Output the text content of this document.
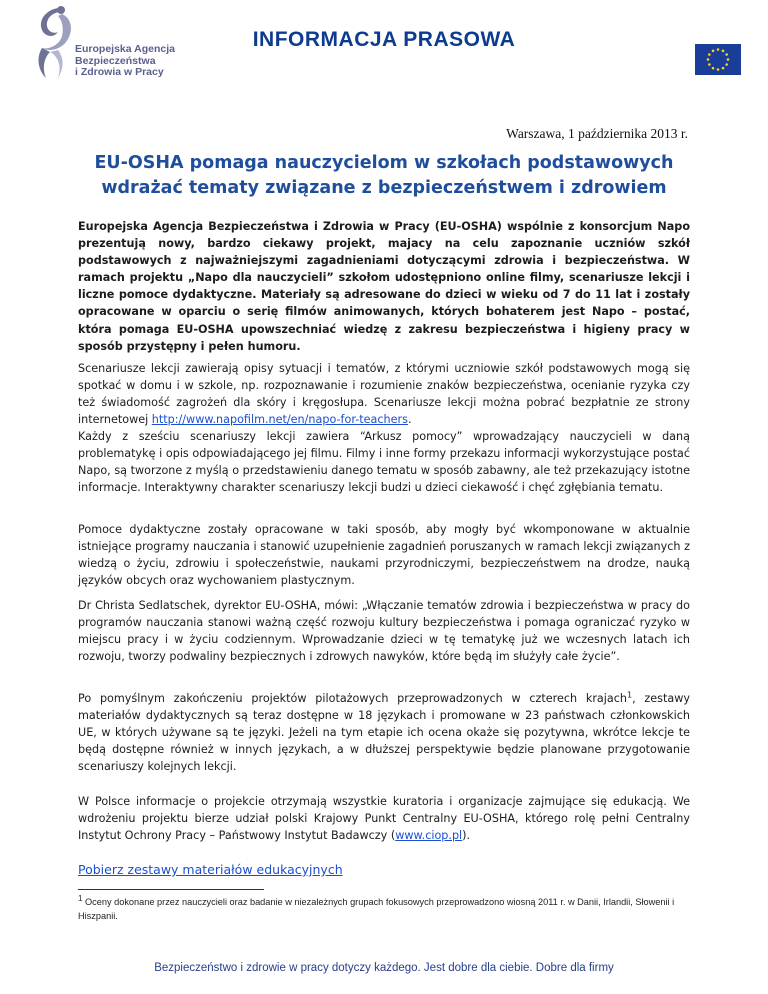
Europejska Agencja
Bezpieczeństwa
i Zdrowia w Pracy
INFORMACJA PRASOWA
Warszawa, 1 października 2013 r.
EU-OSHA pomaga nauczycielom w szkołach podstawowych
wdrażać tematy związane z bezpieczeństwem i zdrowiem
Europejska Agencja Bezpieczeństwa i Zdrowia w Pracy (EU-OSHA) wspólnie z konsorcjum Napo prezentują nowy, bardzo ciekawy projekt, majacy na celu zapoznanie uczniów szkół podstawowych z najważniejszymi zagadnieniami dotyczącymi zdrowia i bezpieczeństwa. W ramach projektu „Napo dla nauczycieli” szkołom udostępniono online filmy, scenariusze lekcji i liczne pomoce dydaktyczne. Materiały są adresowane do dzieci w wieku od 7 do 11 lat i zostały opracowane w oparciu o serię filmów animowanych, których bohaterem jest Napo – postać, która pomaga EU-OSHA upowszechniać wiedzę z zakresu bezpieczeństwa i higieny pracy w sposób przystępny i pełen humoru.
Scenariusze lekcji zawierają opisy sytuacji i tematów, z którymi uczniowie szkół podstawowych mogą się spotkać w domu i w szkole, np. rozpoznawanie i rozumienie znaków bezpieczeństwa, ocenianie ryzyka czy też świadomość zagrożeń dla skóry i kręgosłupa. Scenariusze lekcji można pobrać bezpłatnie ze strony internetowej http://www.napofilm.net/en/napo-for-teachers.
Każdy z sześciu scenariuszy lekcji zawiera “Arkusz pomocy” wprowadzający nauczycieli w daną problematykę i opis odpowiadającego jej filmu. Filmy i inne formy przekazu informacji wykorzystujące postać Napo, są tworzone z myślą o przedstawieniu danego tematu w sposób zabawny, ale też przekazujący istotne informacje. Interaktywny charakter scenariuszy lekcji budzi u dzieci ciekawość i chęć zgłębiania tematu.
Pomoce dydaktyczne zostały opracowane w taki sposób, aby mogły być wkomponowane w aktualnie istniejące programy nauczania i stanowić uzupełnienie zagadnień poruszanych w ramach lekcji związanych z wiedzą o życiu, zdrowiu i społeczeństwie, naukami przyrodniczymi, bezpieczeństwem na drodze, nauką języków obcych oraz wychowaniem plastycznym.
Dr Christa Sedlatschek, dyrektor EU-OSHA, mówi: „Włączanie tematów zdrowia i bezpieczeństwa w pracy do programów nauczania stanowi ważną część rozwoju kultury bezpieczeństwa i pomaga ograniczać ryzyko w miejscu pracy i w życiu codziennym. Wprowadzanie dzieci w tę tematykę już we wczesnych latach ich rozwoju, tworzy podwaliny bezpiecznych i zdrowych nawyków, które będą im służyły całe życie”.
Po pomyślnym zakończeniu projektów pilotażowych przeprowadzonych w czterech krajach$^1$, zestawy materiałów dydaktycznych są teraz dostępne w 18 językach i promowane w 23 państwach członkowskich UE, w których używane są te języki. Jeżeli na tym etapie ich ocena okaże się pozytywna, wkrótce lekcje te będą dostępne również w innych językach, a w dłuższej perspektywie będzie planowane przygotowanie scenariuszy kolejnych lekcji.
W Polsce informacje o projekcie otrzymają wszystkie kuratoria i organizacje zajmujące się edukacją. We wdrożeniu projektu bierze udział polski Krajowy Punkt Centralny EU-OSHA, którego rolę pełni Centralny Instytut Ochrony Pracy – Państwowy Instytut Badawczy (www.ciop.pl).
Pobierz zestawy materiałów edukacyjnych
$^1$ Oceny dokonane przez nauczycieli oraz badanie w niezależnych grupach fokusowych przeprowadzono wiosną 2011 r. w Danii, Irlandii, Słowenii i Hiszpanii.
Bezpieczeństwo i zdrowie w pracy dotyczy każdego. Jest dobre dla ciebie. Dobre dla firmy
